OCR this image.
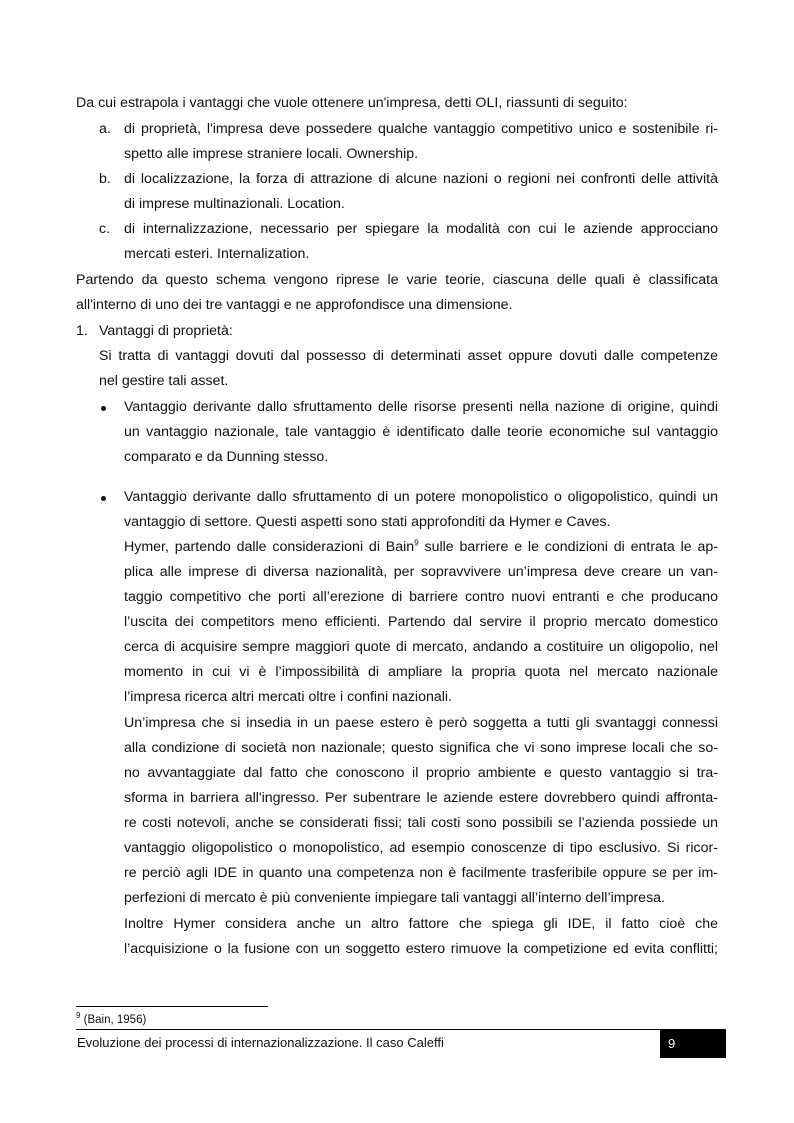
Da cui estrapola i vantaggi che vuole ottenere un'impresa, detti OLI, riassunti di seguito:
a. di proprietà, l'impresa deve possedere qualche vantaggio competitivo unico e sostenibile ri-
spetto alle imprese straniere locali. Ownership.
b. di localizzazione, la forza di attrazione di alcune nazioni o regioni nei confronti delle attività
di imprese multinazionali. Location.
c. di internalizzazione, necessario per spiegare la modalità con cui le aziende approcciano
mercati esteri. Internalization.
Partendo da questo schema vengono riprese le varie teorie, ciascuna delle quali è classificata
all'interno di uno dei tre vantaggi e ne approfondisce una dimensione.
1. Vantaggi di proprietà:
Si tratta di vantaggi dovuti dal possesso di determinati asset oppure dovuti dalle competenze
nel gestire tali asset.
Vantaggio derivante dallo sfruttamento delle risorse presenti nella nazione di origine, quindi
un vantaggio nazionale, tale vantaggio è identificato dalle teorie economiche sul vantaggio
comparato e da Dunning stesso.
Vantaggio derivante dallo sfruttamento di un potere monopolistico o oligopolistico, quindi un
vantaggio di settore. Questi aspetti sono stati approfonditi da Hymer e Caves.
Hymer, partendo dalle considerazioni di Bain$^9$ sulle barriere e le condizioni di entrata le ap-
plica alle imprese di diversa nazionalità, per sopravvivere un’impresa deve creare un van-
taggio competitivo che porti all’erezione di barriere contro nuovi entranti e che producano
l’uscita dei competitors meno efficienti. Partendo dal servire il proprio mercato domestico
cerca di acquisire sempre maggiori quote di mercato, andando a costituire un oligopolio, nel
momento in cui vi è l’impossibilità di ampliare la propria quota nel mercato nazionale
l’impresa ricerca altri mercati oltre i confini nazionali.
Un’impresa che si insedia in un paese estero è però soggetta a tutti gli svantaggi connessi
alla condizione di società non nazionale; questo significa che vi sono imprese locali che so-
no avvantaggiate dal fatto che conoscono il proprio ambiente e questo vantaggio si tra-
sforma in barriera all'ingresso. Per subentrare le aziende estere dovrebbero quindi affronta-
re costi notevoli, anche se considerati fissi; tali costi sono possibili se l’azienda possiede un
vantaggio oligopolistico o monopolistico, ad esempio conoscenze di tipo esclusivo. Si ricor-
re perciò agli IDE in quanto una competenza non è facilmente trasferibile oppure se per im-
perfezioni di mercato è più conveniente impiegare tali vantaggi all’interno dell’impresa.
Inoltre Hymer considera anche un altro fattore che spiega gli IDE, il fatto cioè che
l’acquisizione o la fusione con un soggetto estero rimuove la competizione ed evita conflitti;
$^9$ (Bain, 1956)
Evoluzione dei processi di internazionalizzazione. Il caso Caleffi	9
